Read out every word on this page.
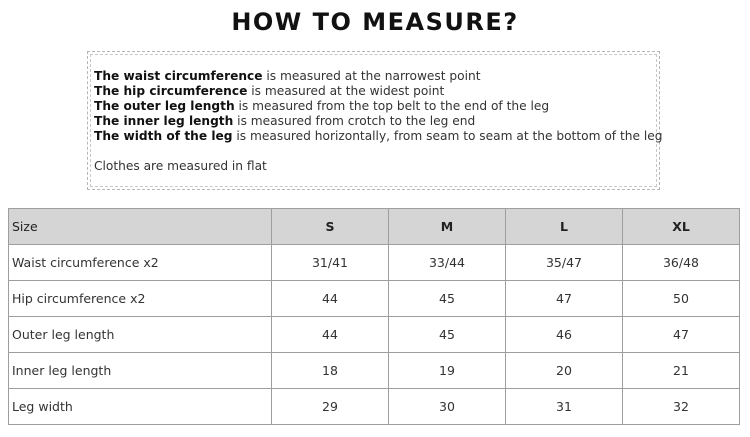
HOW TO MEASURE?
The waist circumference is measured at the narrowest point
The hip circumference is measured at the widest point
The outer leg length is measured from the top belt to the end of the leg
The inner leg length is measured from crotch to the leg end
The width of the leg is measured horizontally, from seam to seam at the bottom of the leg
Clothes are measured in flat
Size	S	M	L	XL
Waist circumference x2	31/41	33/44	35/47	36/48
Hip circumference x2	44	45	47	50
Outer leg length	44	45	46	47
Inner leg length	18	19	20	21
Leg width	29	30	31	32
